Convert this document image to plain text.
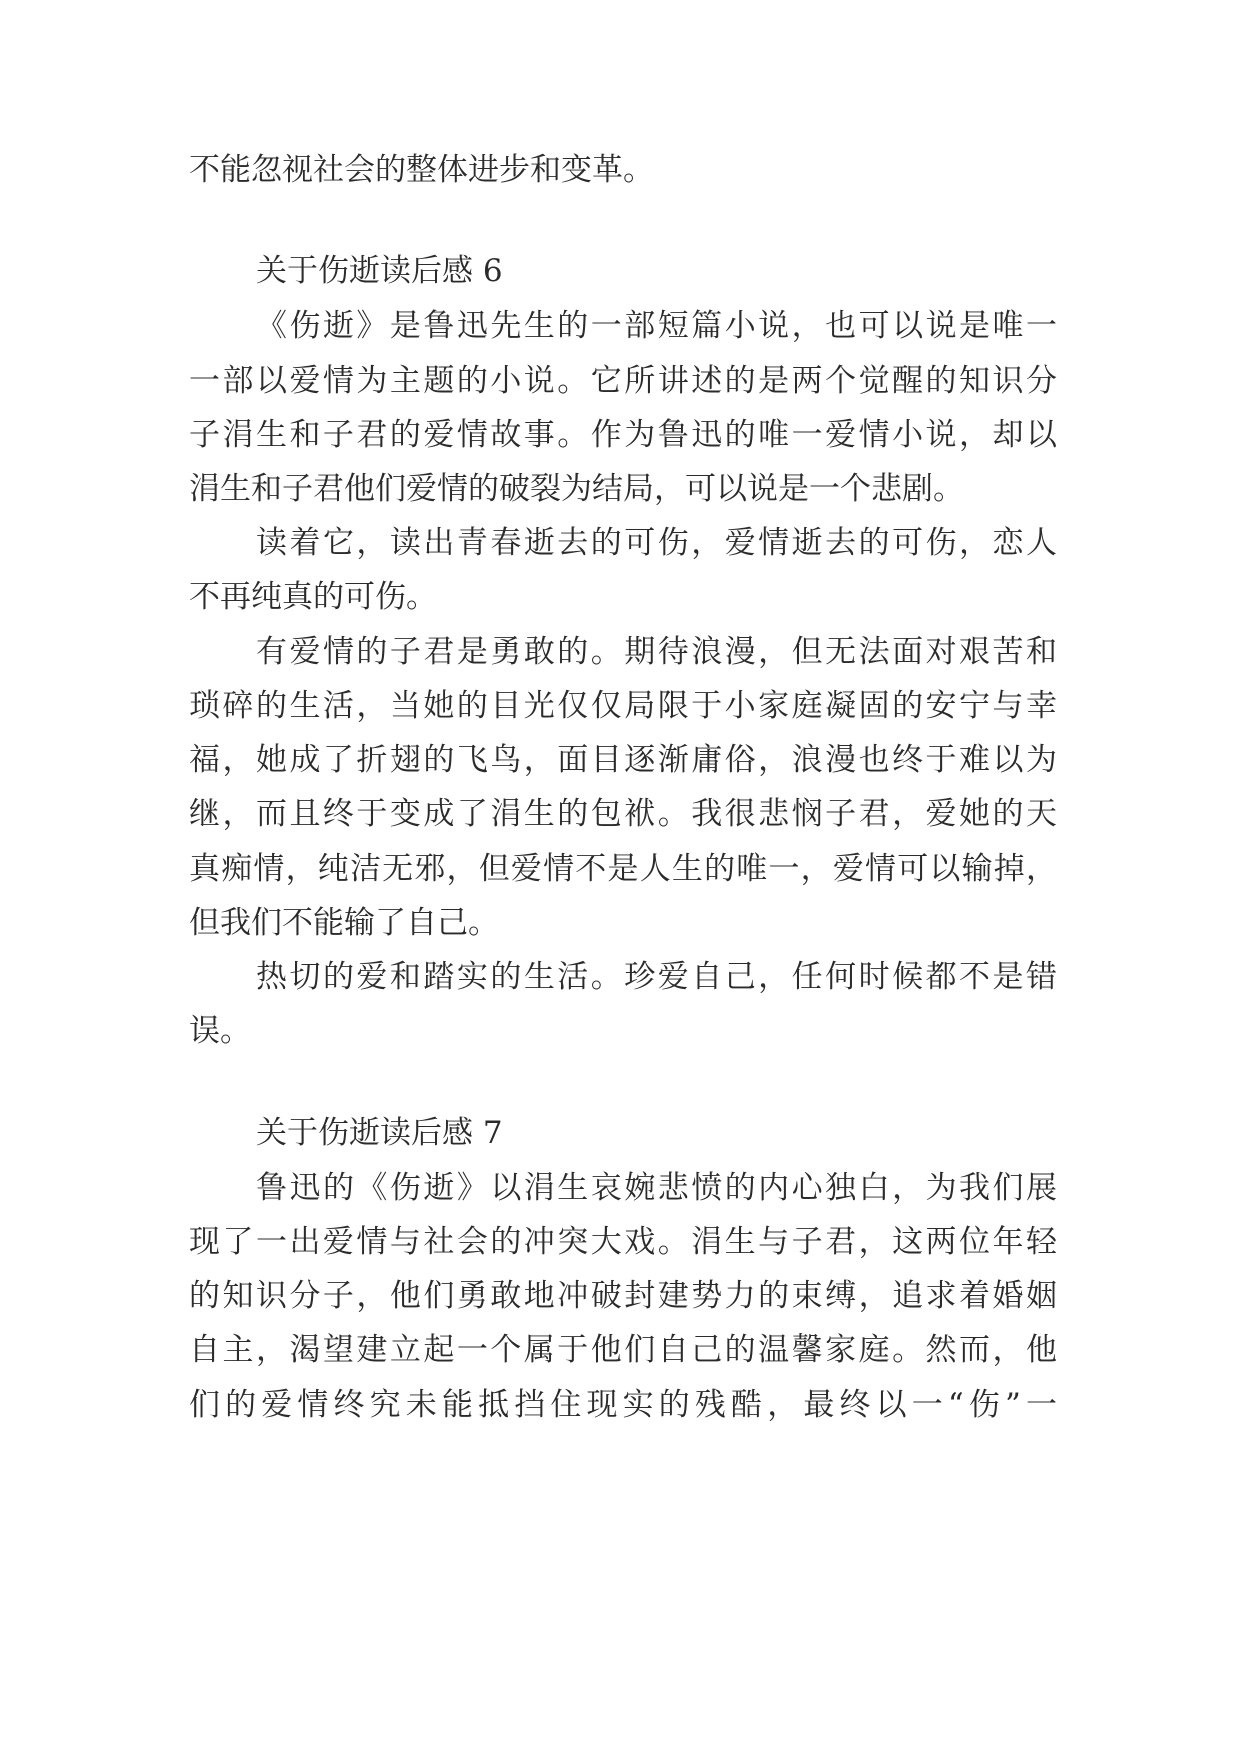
不能忽视社会的整体进步和变革。
关于伤逝读后感 6
《伤逝》是鲁迅先生的一部短篇小说，也可以说是唯一
一部以爱情为主题的小说。它所讲述的是两个觉醒的知识分
子涓生和子君的爱情故事。作为鲁迅的唯一爱情小说，却以
涓生和子君他们爱情的破裂为结局，可以说是一个悲剧。
读着它，读出青春逝去的可伤，爱情逝去的可伤，恋人
不再纯真的可伤。
有爱情的子君是勇敢的。期待浪漫，但无法面对艰苦和
琐碎的生活，当她的目光仅仅局限于小家庭凝固的安宁与幸
福，她成了折翅的飞鸟，面目逐渐庸俗，浪漫也终于难以为
继，而且终于变成了涓生的包袱。我很悲悯子君，爱她的天
真痴情，纯洁无邪，但爱情不是人生的唯一，爱情可以输掉，
但我们不能输了自己。
热切的爱和踏实的生活。珍爱自己，任何时候都不是错
误。
关于伤逝读后感 7
鲁迅的《伤逝》以涓生哀婉悲愤的内心独白，为我们展
现了一出爱情与社会的冲突大戏。涓生与子君，这两位年轻
的知识分子，他们勇敢地冲破封建势力的束缚，追求着婚姻
自主，渴望建立起一个属于他们自己的温馨家庭。然而，他
们的爱情终究未能抵挡住现实的残酷，最终以一“伤”一
